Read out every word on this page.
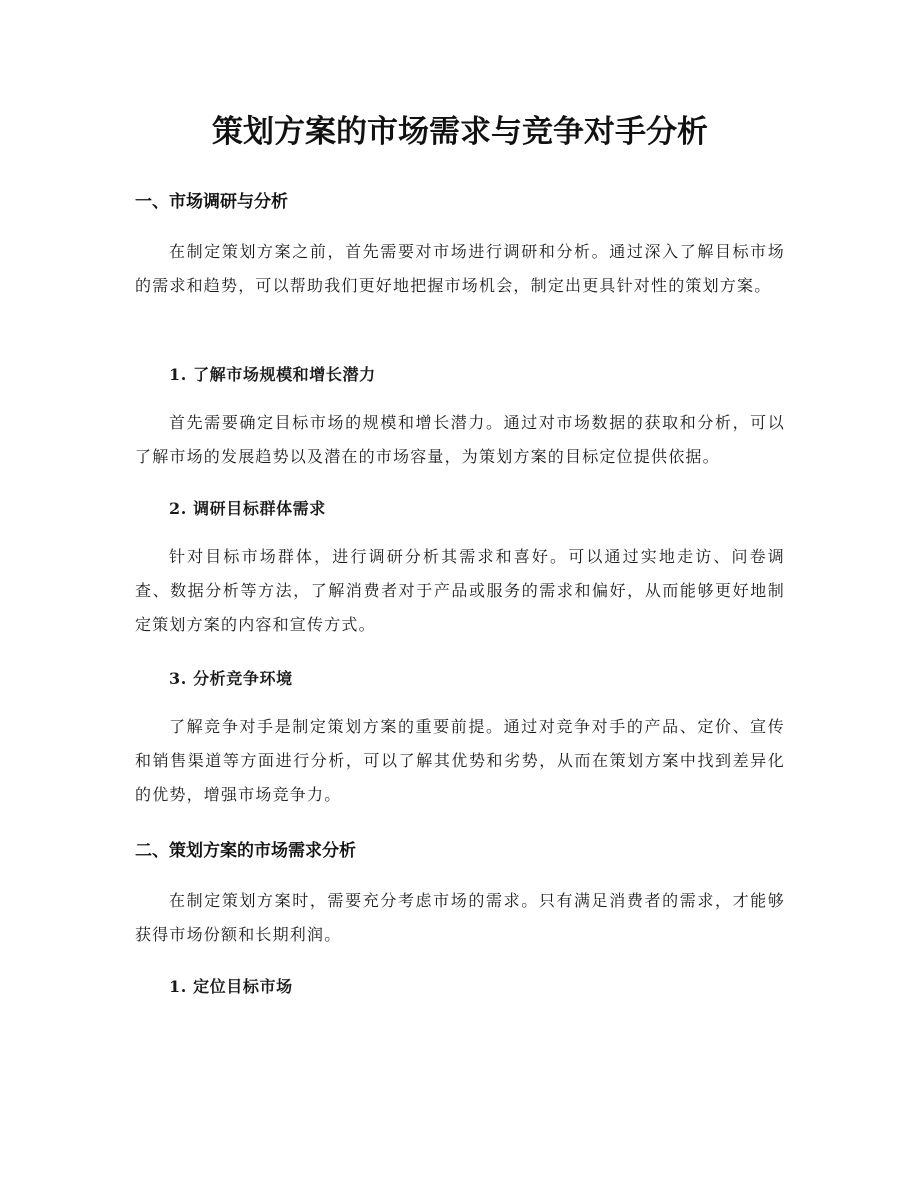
策划方案的市场需求与竞争对手分析
一、市场调研与分析

在制定策划方案之前，首先需要对市场进行调研和分析。通过深入了解目标市场的需求和趋势，可以帮助我们更好地把握市场机会，制定出更具针对性的策划方案。

1. 了解市场规模和增长潜力

首先需要确定目标市场的规模和增长潜力。通过对市场数据的获取和分析，可以了解市场的发展趋势以及潜在的市场容量，为策划方案的目标定位提供依据。

2. 调研目标群体需求

针对目标市场群体，进行调研分析其需求和喜好。可以通过实地走访、问卷调查、数据分析等方法，了解消费者对于产品或服务的需求和偏好，从而能够更好地制定策划方案的内容和宣传方式。

3. 分析竞争环境

了解竞争对手是制定策划方案的重要前提。通过对竞争对手的产品、定价、宣传和销售渠道等方面进行分析，可以了解其优势和劣势，从而在策划方案中找到差异化的优势，增强市场竞争力。

二、策划方案的市场需求分析

在制定策划方案时，需要充分考虑市场的需求。只有满足消费者的需求，才能够获得市场份额和长期利润。

1. 定位目标市场
